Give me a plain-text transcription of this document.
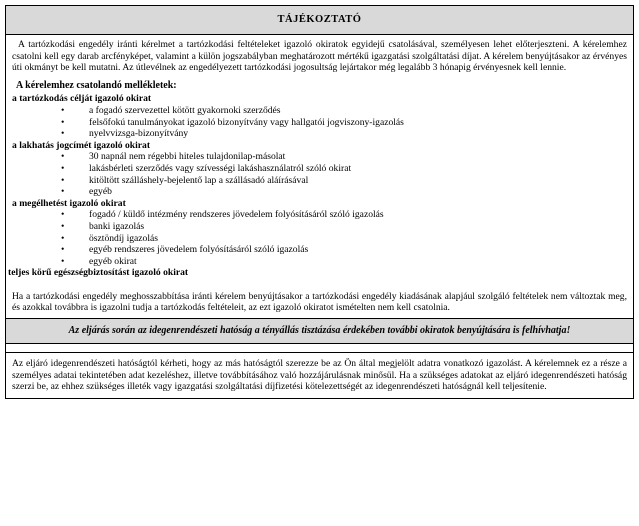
TÁJÉKOZTATÓ
A tartózkodási engedély iránti kérelmet a tartózkodási feltételeket igazoló okiratok egyidejű csatolásával, személyesen lehet előterjeszteni. A kérelemhez csatolni kell egy darab arcfényképet, valamint a külön jogszabályban meghatározott mértékű igazgatási szolgáltatási díjat. A kérelem benyújtásakor az érvényes úti okmányt be kell mutatni. Az útlevélnek az engedélyezett tartózkodási jogosultság lejártakor még legalább 3 hónapig érvényesnek kell lennie.
A kérelemhez csatolandó mellékletek:
a tartózkodás célját igazoló okirat
• a fogadó szervezettel kötött gyakornoki szerződés
• felsőfokú tanulmányokat igazoló bizonyítvány vagy hallgatói jogviszony-igazolás
• nyelvvizsga-bizonyítvány
a lakhatás jogcímét igazoló okirat
• 30 napnál nem régebbi hiteles tulajdonilap-másolat
• lakásbérleti szerződés vagy szívességi lakáshasználatról szóló okirat
• kitöltött szálláshely-bejelentő lap a szállásadó aláírásával
• egyéb
a megélhetést igazoló okirat
• fogadó / küldő intézmény rendszeres jövedelem folyósításáról szóló igazolás
• banki igazolás
• ösztöndíj igazolás
• egyéb rendszeres jövedelem folyósításáról szóló igazolás
• egyéb okirat
teljes körű egészségbiztosítást igazoló okirat
Ha a tartózkodási engedély meghosszabbítása iránti kérelem benyújtásakor a tartózkodási engedély kiadásának alapjául szolgáló feltételek nem változtak meg, és azokkal továbbra is igazolni tudja a tartózkodás feltételeit, az ezt igazoló okiratot ismételten nem kell csatolnia.
Az eljárás során az idegenrendészeti hatóság a tényállás tisztázása érdekében további okiratok benyújtására is felhívhatja!
Az eljáró idegenrendészeti hatóságtól kérheti, hogy az más hatóságtól szerezze be az Ön által megjelölt adatra vonatkozó igazolást. A kérelemnek ez a része a személyes adatai tekintetében adat kezeléshez, illetve továbbításához való hozzájárulásnak minősül. Ha a szükséges adatokat az eljáró idegenrendészeti hatóság szerzi be, az ehhez szükséges illeték vagy igazgatási szolgáltatási díjfizetési kötelezettségét az idegenrendészeti hatóságnál kell teljesítenie.
